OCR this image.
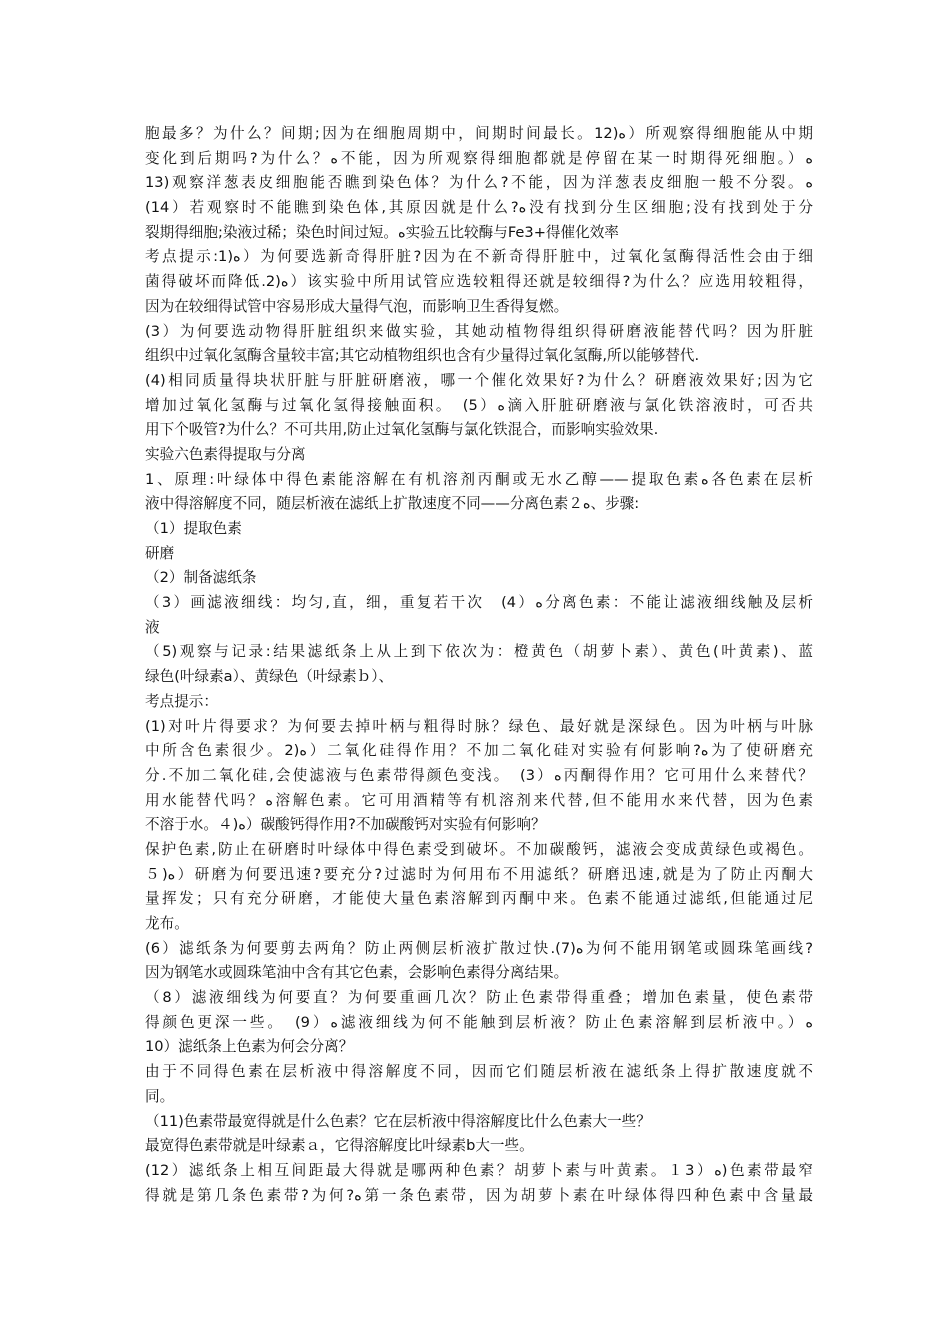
胞最多？为什么？间期;因为在细胞周期中，间期时间最长。ﻩ(12）所观察得细胞能从中期
变化到后期吗?为什么？ﻩ不能，因为所观察得细胞都就是停留在某一时期得死细胞。）ﻩ
13)观察洋葱表皮细胞能否瞧到染色体？为什么?不能，因为洋葱表皮细胞一般不分裂。ﻩ
(14）若观察时不能瞧到染色体,其原因就是什么?ﻩ没有找到分生区细胞;没有找到处于分
裂期得细胞;染液过稀；染色时间过短。ﻩ实验五比较酶与Fe3+得催化效率
考点提示:1)ﻩ）为何要选新奇得肝脏?因为在不新奇得肝脏中，过氧化氢酶得活性会由于细
菌得破坏而降低.2)ﻩ）该实验中所用试管应选较粗得还就是较细得?为什么？应选用较粗得，
因为在较细得试管中容易形成大量得气泡，而影响卫生香得复燃。
(3）为何要选动物得肝脏组织来做实验，其她动植物得组织得研磨液能替代吗？因为肝脏
组织中过氧化氢酶含量较丰富;其它动植物组织也含有少量得过氧化氢酶,所以能够替代.
(4)相同质量得块状肝脏与肝脏研磨液，哪一个催化效果好?为什么？研磨液效果好;因为它
增加过氧化氢酶与过氧化氢得接触面积。　(5）ﻩ滴入肝脏研磨液与氯化铁溶液时，可否共
用下个吸管?为什么？不可共用,防止过氧化氢酶与氯化铁混合，而影响实验效果.
实验六色素得提取与分离
1、原理:叶绿体中得色素能溶解在有机溶剂丙酮或无水乙醇——提取色素ﻩ各色素在层析
液中得溶解度不同，随层析液在滤纸上扩散速度不同——分离色素２ﻩ、步骤:
（1）提取色素
研磨
（2）制备滤纸条
（3）画滤液细线：均匀,直，细，重复若干次　(4）ﻩ分离色素：不能让滤液细线触及层析
液
（5)观察与记录:结果滤纸条上从上到下依次为：橙黄色（胡萝卜素）、黄色(叶黄素)、蓝
绿色(叶绿素a）、黄绿色（叶绿素ｂ）、
考点提示：
(1)对叶片得要求？为何要去掉叶柄与粗得时脉？绿色、最好就是深绿色。因为叶柄与叶脉
中所含色素很少。2)ﻩ）二氧化硅得作用？不加二氧化硅对实验有何影响?ﻩ为了使研磨充
分.不加二氧化硅,会使滤液与色素带得颜色变浅。　(3）ﻩ丙酮得作用？它可用什么来替代？
用水能替代吗？ﻩ溶解色素。它可用酒精等有机溶剂来代替,但不能用水来代替，因为色素
不溶于水。４)ﻩ）碳酸钙得作用?不加碳酸钙对实验有何影响？
保护色素,防止在研磨时叶绿体中得色素受到破坏。不加碳酸钙，滤液会变成黄绿色或褐色。
５)ﻩ）研磨为何要迅速?要充分?过滤时为何用布不用滤纸？研磨迅速,就是为了防止丙酮大
量挥发；只有充分研磨，才能使大量色素溶解到丙酮中来。色素不能通过滤纸,但能通过尼
龙布。
(6）滤纸条为何要剪去两角？防止两侧层析液扩散过快.(7)ﻩ为何不能用钢笔或圆珠笔画线?
因为钢笔水或圆珠笔油中含有其它色素，会影响色素得分离结果。
（8）滤液细线为何要直？为何要重画几次？防止色素带得重叠；增加色素量，使色素带
得颜色更深一些。　(9）ﻩ滤液细线为何不能触到层析液？防止色素溶解到层析液中。）ﻩ
10）滤纸条上色素为何会分离？
由于不同得色素在层析液中得溶解度不同，因而它们随层析液在滤纸条上得扩散速度就不
同。
（11)色素带最宽得就是什么色素？它在层析液中得溶解度比什么色素大一些？
最宽得色素带就是叶绿素ａ，它得溶解度比叶绿素b大一些。
(12）滤纸条上相互间距最大得就是哪两种色素？胡萝卜素与叶黄素。１3）ﻩ)色素带最窄
得就是第几条色素带?为何?ﻩ第一条色素带，因为胡萝卜素在叶绿体得四种色素中含量最
